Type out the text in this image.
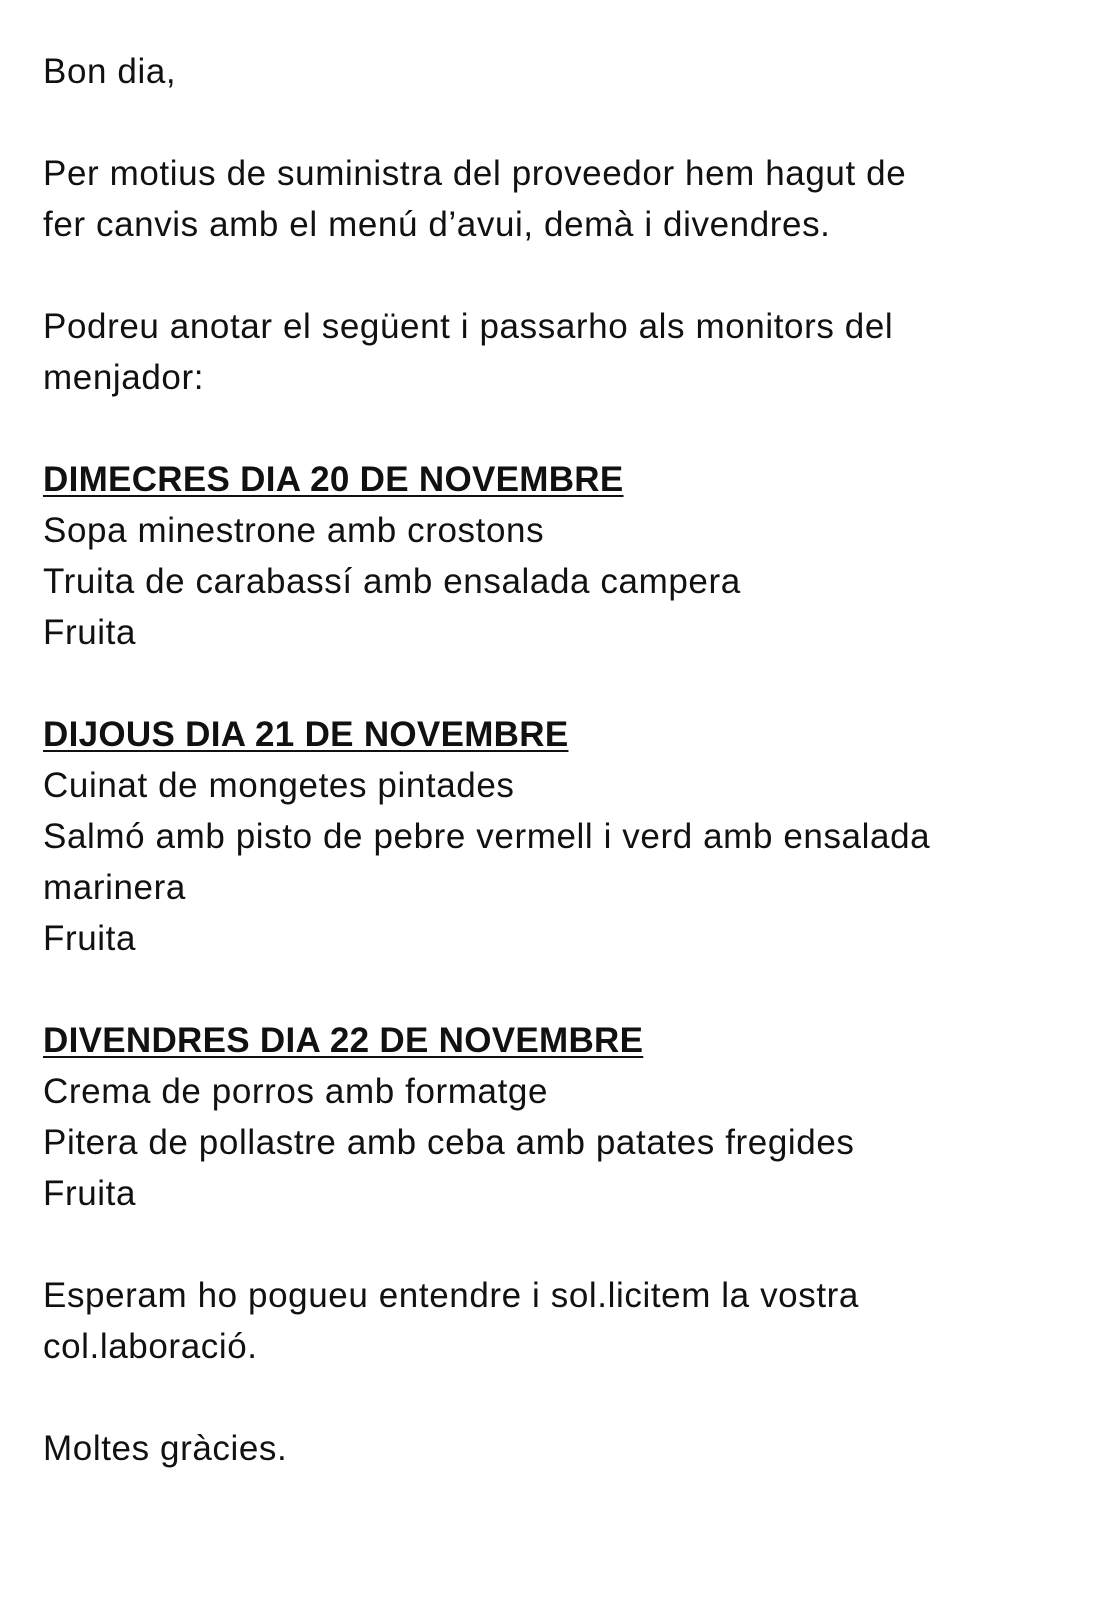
Bon dia,

Per motius de suministra del proveedor hem hagut de

fer canvis amb el menú d’avui, demà i divendres.

Podreu anotar el següent i passarho als monitors del

menjador:

DIMECRES DIA 20 DE NOVEMBRE

Sopa minestrone amb crostons

Truita de carabassí amb ensalada campera

Fruita

DIJOUS DIA 21 DE NOVEMBRE

Cuinat de mongetes pintades

Salmó amb pisto de pebre vermell i verd amb ensalada

marinera

Fruita

DIVENDRES DIA 22 DE NOVEMBRE

Crema de porros amb formatge

Pitera de pollastre amb ceba amb patates fregides

Fruita

Esperam ho pogueu entendre i sol.licitem la vostra

col.laboració.

Moltes gràcies.
